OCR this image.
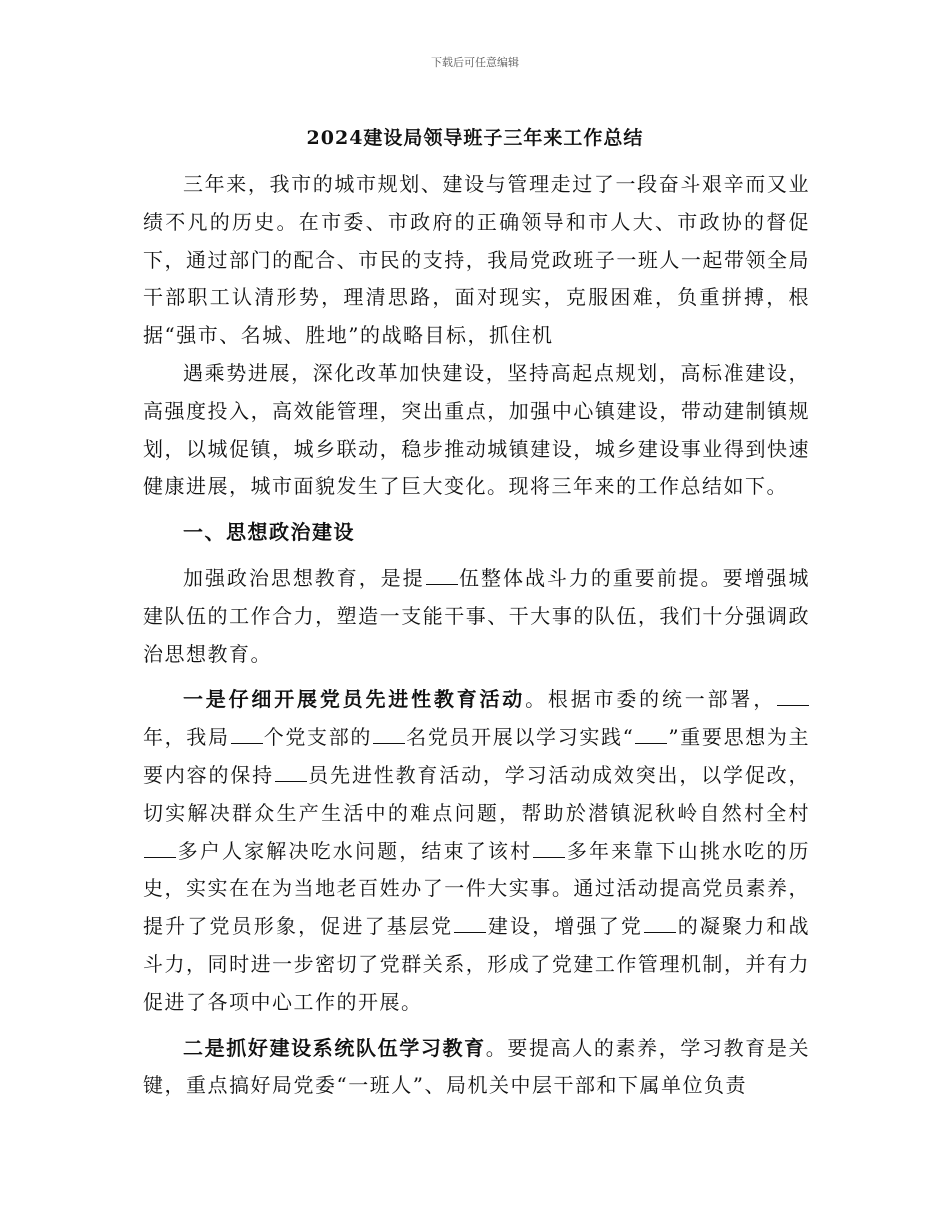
下载后可任意编辑
2024建设局领导班子三年来工作总结

三年来，我市的城市规划、建设与管理走过了一段奋斗艰辛而又业绩不凡的历史。在市委、市政府的正确领导和市人大、市政协的督促下，通过部门的配合、市民的支持，我局党政班子一班人一起带领全局干部职工认清形势，理清思路，面对现实，克服困难，负重拼搏，根据“强市、名城、胜地”的战略目标，抓住机

遇乘势进展，深化改革加快建设，坚持高起点规划，高标准建设，高强度投入，高效能管理，突出重点，加强中心镇建设，带动建制镇规划，以城促镇，城乡联动，稳步推动城镇建设，城乡建设事业得到快速健康进展，城市面貌发生了巨大变化。现将三年来的工作总结如下。

一、思想政治建设

加强政治思想教育，是提 伍整体战斗力的重要前提。要增强城建队伍的工作合力，塑造一支能干事、干大事的队伍，我们十分强调政治思想教育。

一是仔细开展党员先进性教育活动。根据市委的统一部署，年，我局 个党支部的 名党员开展以学习实践“ ”重要思想为主要内容的保持 员先进性教育活动，学习活动成效突出，以学促改，切实解决群众生产生活中的难点问题，帮助於潜镇泥秋岭自然村全村多户人家解决吃水问题，结束了该村 多年来靠下山挑水吃的历史，实实在在为当地老百姓办了一件大实事。通过活动提高党员素养，提升了党员形象，促进了基层党 建设，增强了党 的凝聚力和战斗力，同时进一步密切了党群关系，形成了党建工作管理机制，并有力促进了各项中心工作的开展。

二是抓好建设系统队伍学习教育。要提高人的素养，学习教育是关键，重点搞好局党委“一班人”、局机关中层干部和下属单位负责
